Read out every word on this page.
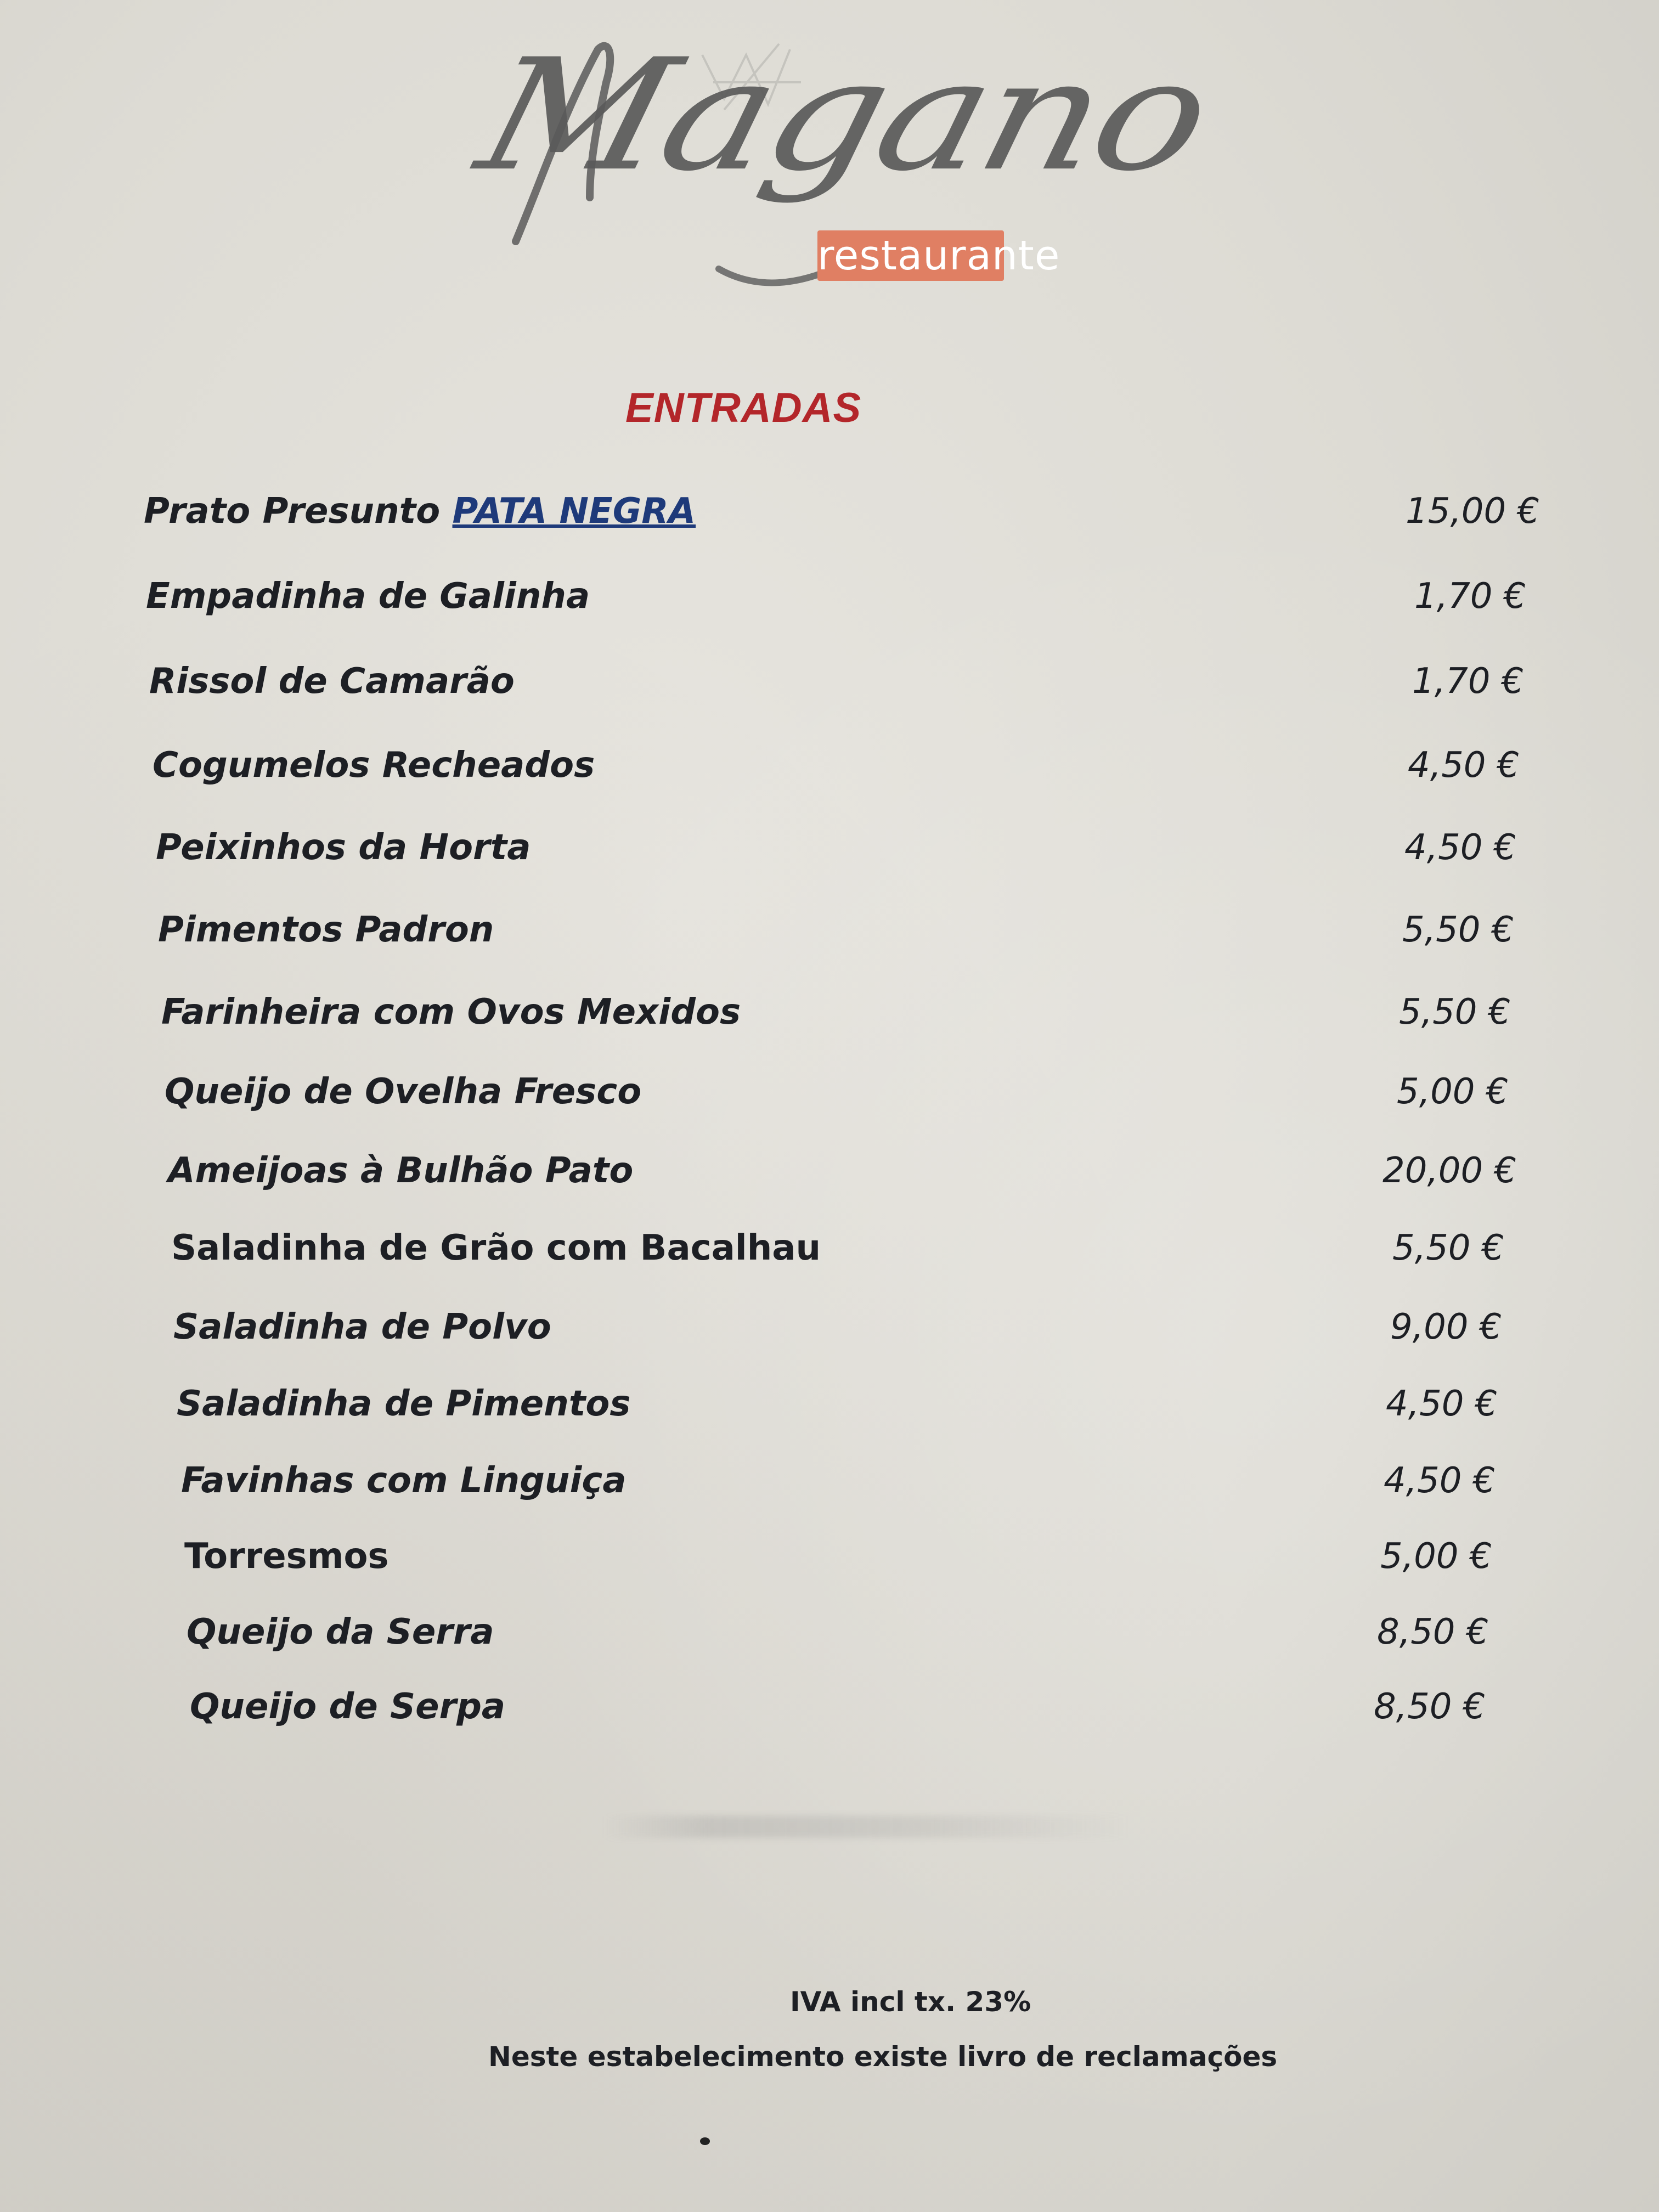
Magano
restaurante
ENTRADAS
Prato Presunto PATA NEGRA	15,00 €
Empadinha de Galinha	1,70 €
Rissol de Camarão	1,70 €
Cogumelos Recheados	4,50 €
Peixinhos da Horta	4,50 €
Pimentos Padron	5,50 €
Farinheira com Ovos Mexidos	5,50 €
Queijo de Ovelha Fresco	5,00 €
Ameijoas à Bulhão Pato	20,00 €
Saladinha de Grão com Bacalhau	5,50 €
Saladinha de Polvo	9,00 €
Saladinha de Pimentos	4,50 €
Favinhas com Linguiça	4,50 €
Torresmos	5,00 €
Queijo da Serra	8,50 €
Queijo de Serpa	8,50 €
IVA incl tx. 23%
Neste estabelecimento existe livro de reclamações
